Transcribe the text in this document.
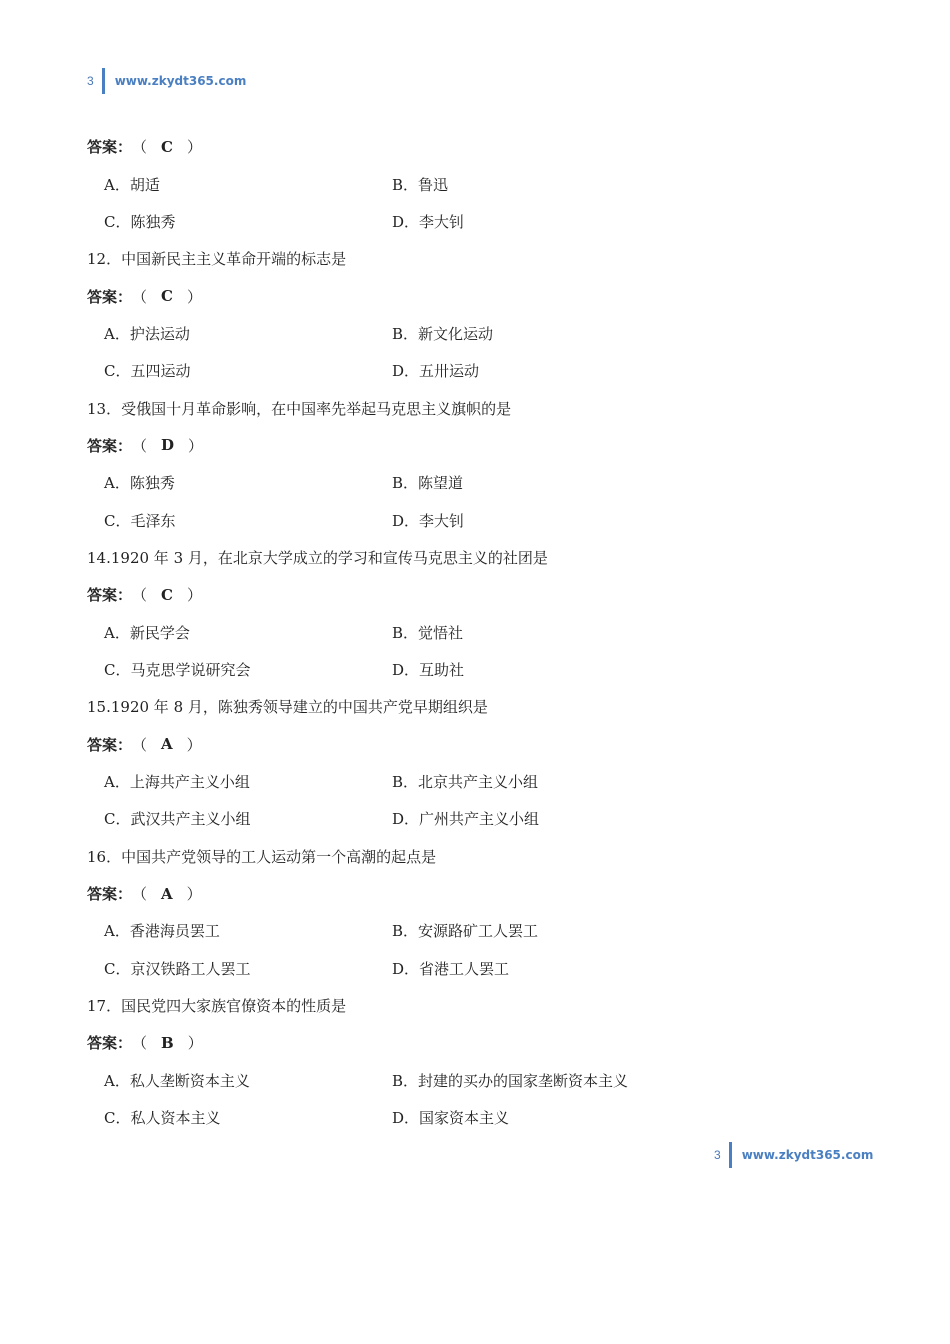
3 www.zkydt365.com
答案： （ C ）
A．胡适	B．鲁迅
C．陈独秀	D．李大钊
12．中国新民主主义革命开端的标志是
答案： （ C ）
A．护法运动	B．新文化运动
C．五四运动	D．五卅运动
13．受俄国十月革命影响，在中国率先举起马克思主义旗帜的是
答案： （ D ）
A．陈独秀	B．陈望道
C．毛泽东	D．李大钊
14.1920 年 3 月，在北京大学成立的学习和宣传马克思主义的社团是
答案： （ C ）
A．新民学会	B．觉悟社
C．马克思学说研究会	D．互助社
15.1920 年 8 月，陈独秀领导建立的中国共产党早期组织是
答案： （ A ）
A．上海共产主义小组	B．北京共产主义小组
C．武汉共产主义小组	D．广州共产主义小组
16．中国共产党领导的工人运动第一个高潮的起点是
答案： （ A ）
A．香港海员罢工	B．安源路矿工人罢工
C．京汉铁路工人罢工	D．省港工人罢工
17．国民党四大家族官僚资本的性质是
答案： （ B ）
A．私人垄断资本主义	B．封建的买办的国家垄断资本主义
C．私人资本主义	D．国家资本主义
3 www.zkydt365.com
